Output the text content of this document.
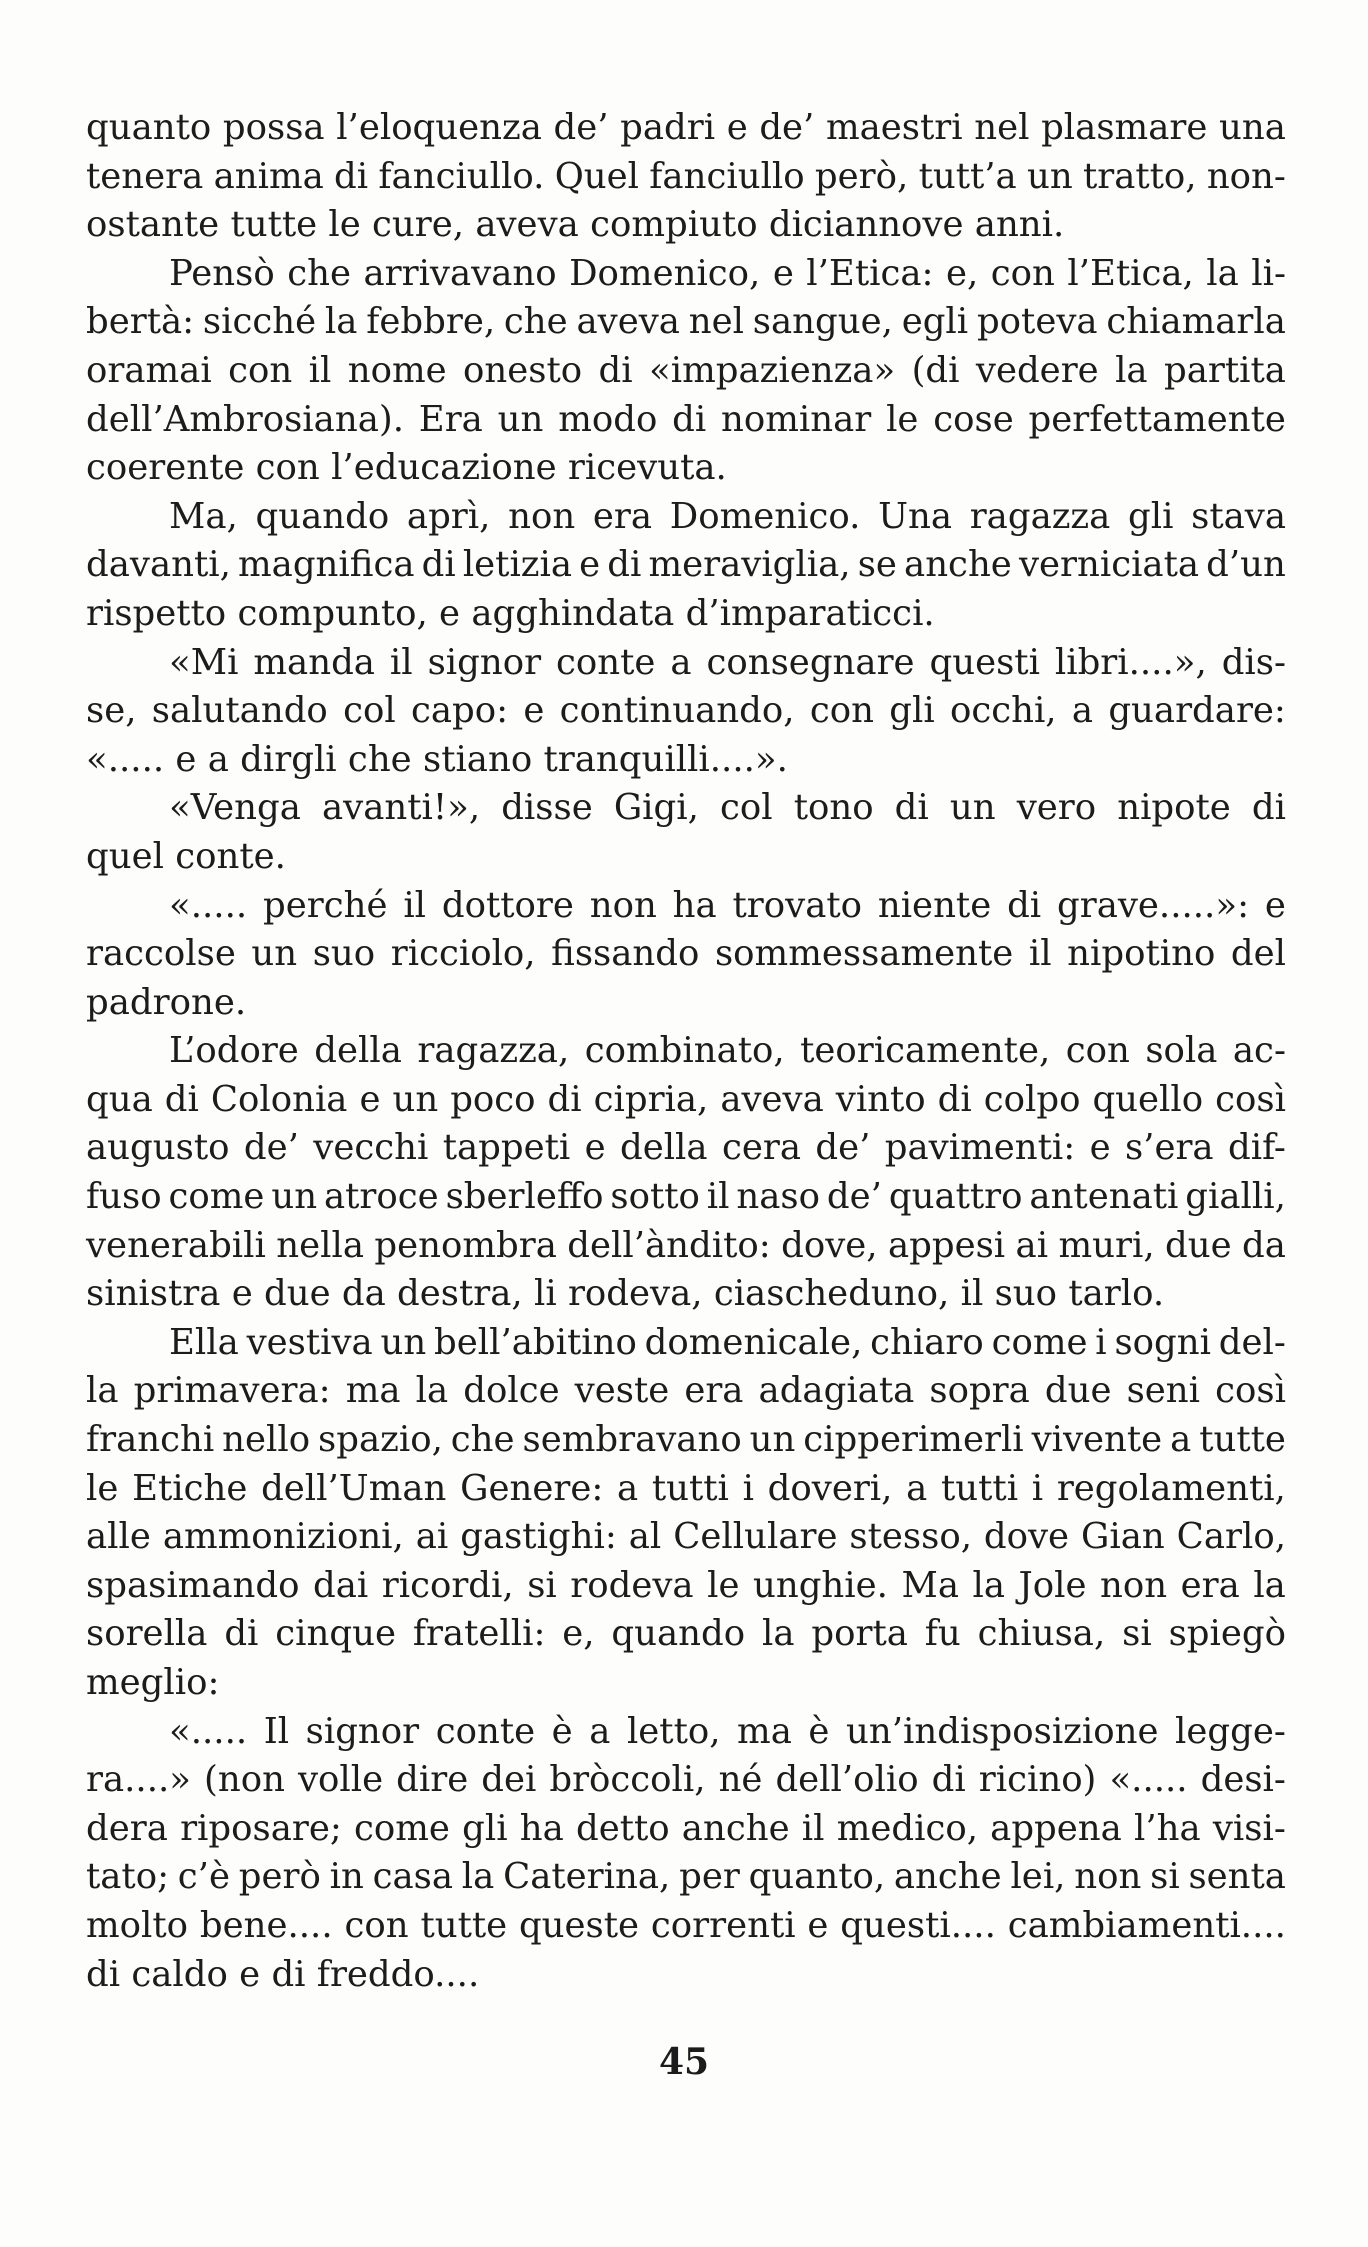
quanto possa l’eloquenza de’ padri e de’ maestri nel plasmare una
tenera anima di fanciullo. Quel fanciullo però, tutt’a un tratto, non-
ostante tutte le cure, aveva compiuto diciannove anni.
Pensò che arrivavano Domenico, e l’Etica: e, con l’Etica, la li-
bertà: sicché la febbre, che aveva nel sangue, egli poteva chiamarla
oramai con il nome onesto di «impazienza» (di vedere la partita
dell’Ambrosiana). Era un modo di nominar le cose perfettamente
coerente con l’educazione ricevuta.
Ma, quando aprì, non era Domenico. Una ragazza gli stava
davanti, magnifica di letizia e di meraviglia, se anche verniciata d’un
rispetto compunto, e agghindata d’imparaticci.
«Mi manda il signor conte a consegnare questi libri....», dis-
se, salutando col capo: e continuando, con gli occhi, a guardare:
«..... e a dirgli che stiano tranquilli....».
«Venga avanti!», disse Gigi, col tono di un vero nipote di
quel conte.
«..... perché il dottore non ha trovato niente di grave.....»: e
raccolse un suo ricciolo, fissando sommessamente il nipotino del
padrone.
L’odore della ragazza, combinato, teoricamente, con sola ac-
qua di Colonia e un poco di cipria, aveva vinto di colpo quello così
augusto de’ vecchi tappeti e della cera de’ pavimenti: e s’era dif-
fuso come un atroce sberleffo sotto il naso de’ quattro antenati gialli,
venerabili nella penombra dell’àndito: dove, appesi ai muri, due da
sinistra e due da destra, li rodeva, ciascheduno, il suo tarlo.
Ella vestiva un bell’abitino domenicale, chiaro come i sogni del-
la primavera: ma la dolce veste era adagiata sopra due seni così
franchi nello spazio, che sembravano un cipperimerli vivente a tutte
le Etiche dell’Uman Genere: a tutti i doveri, a tutti i regolamenti,
alle ammonizioni, ai gastighi: al Cellulare stesso, dove Gian Carlo,
spasimando dai ricordi, si rodeva le unghie. Ma la Jole non era la
sorella di cinque fratelli: e, quando la porta fu chiusa, si spiegò
meglio:
«..... Il signor conte è a letto, ma è un’indisposizione legge-
ra....» (non volle dire dei bròccoli, né dell’olio di ricino) «..... desi-
dera riposare; come gli ha detto anche il medico, appena l’ha visi-
tato; c’è però in casa la Caterina, per quanto, anche lei, non si senta
molto bene.... con tutte queste correnti e questi.... cambiamenti....
di caldo e di freddo....
45
